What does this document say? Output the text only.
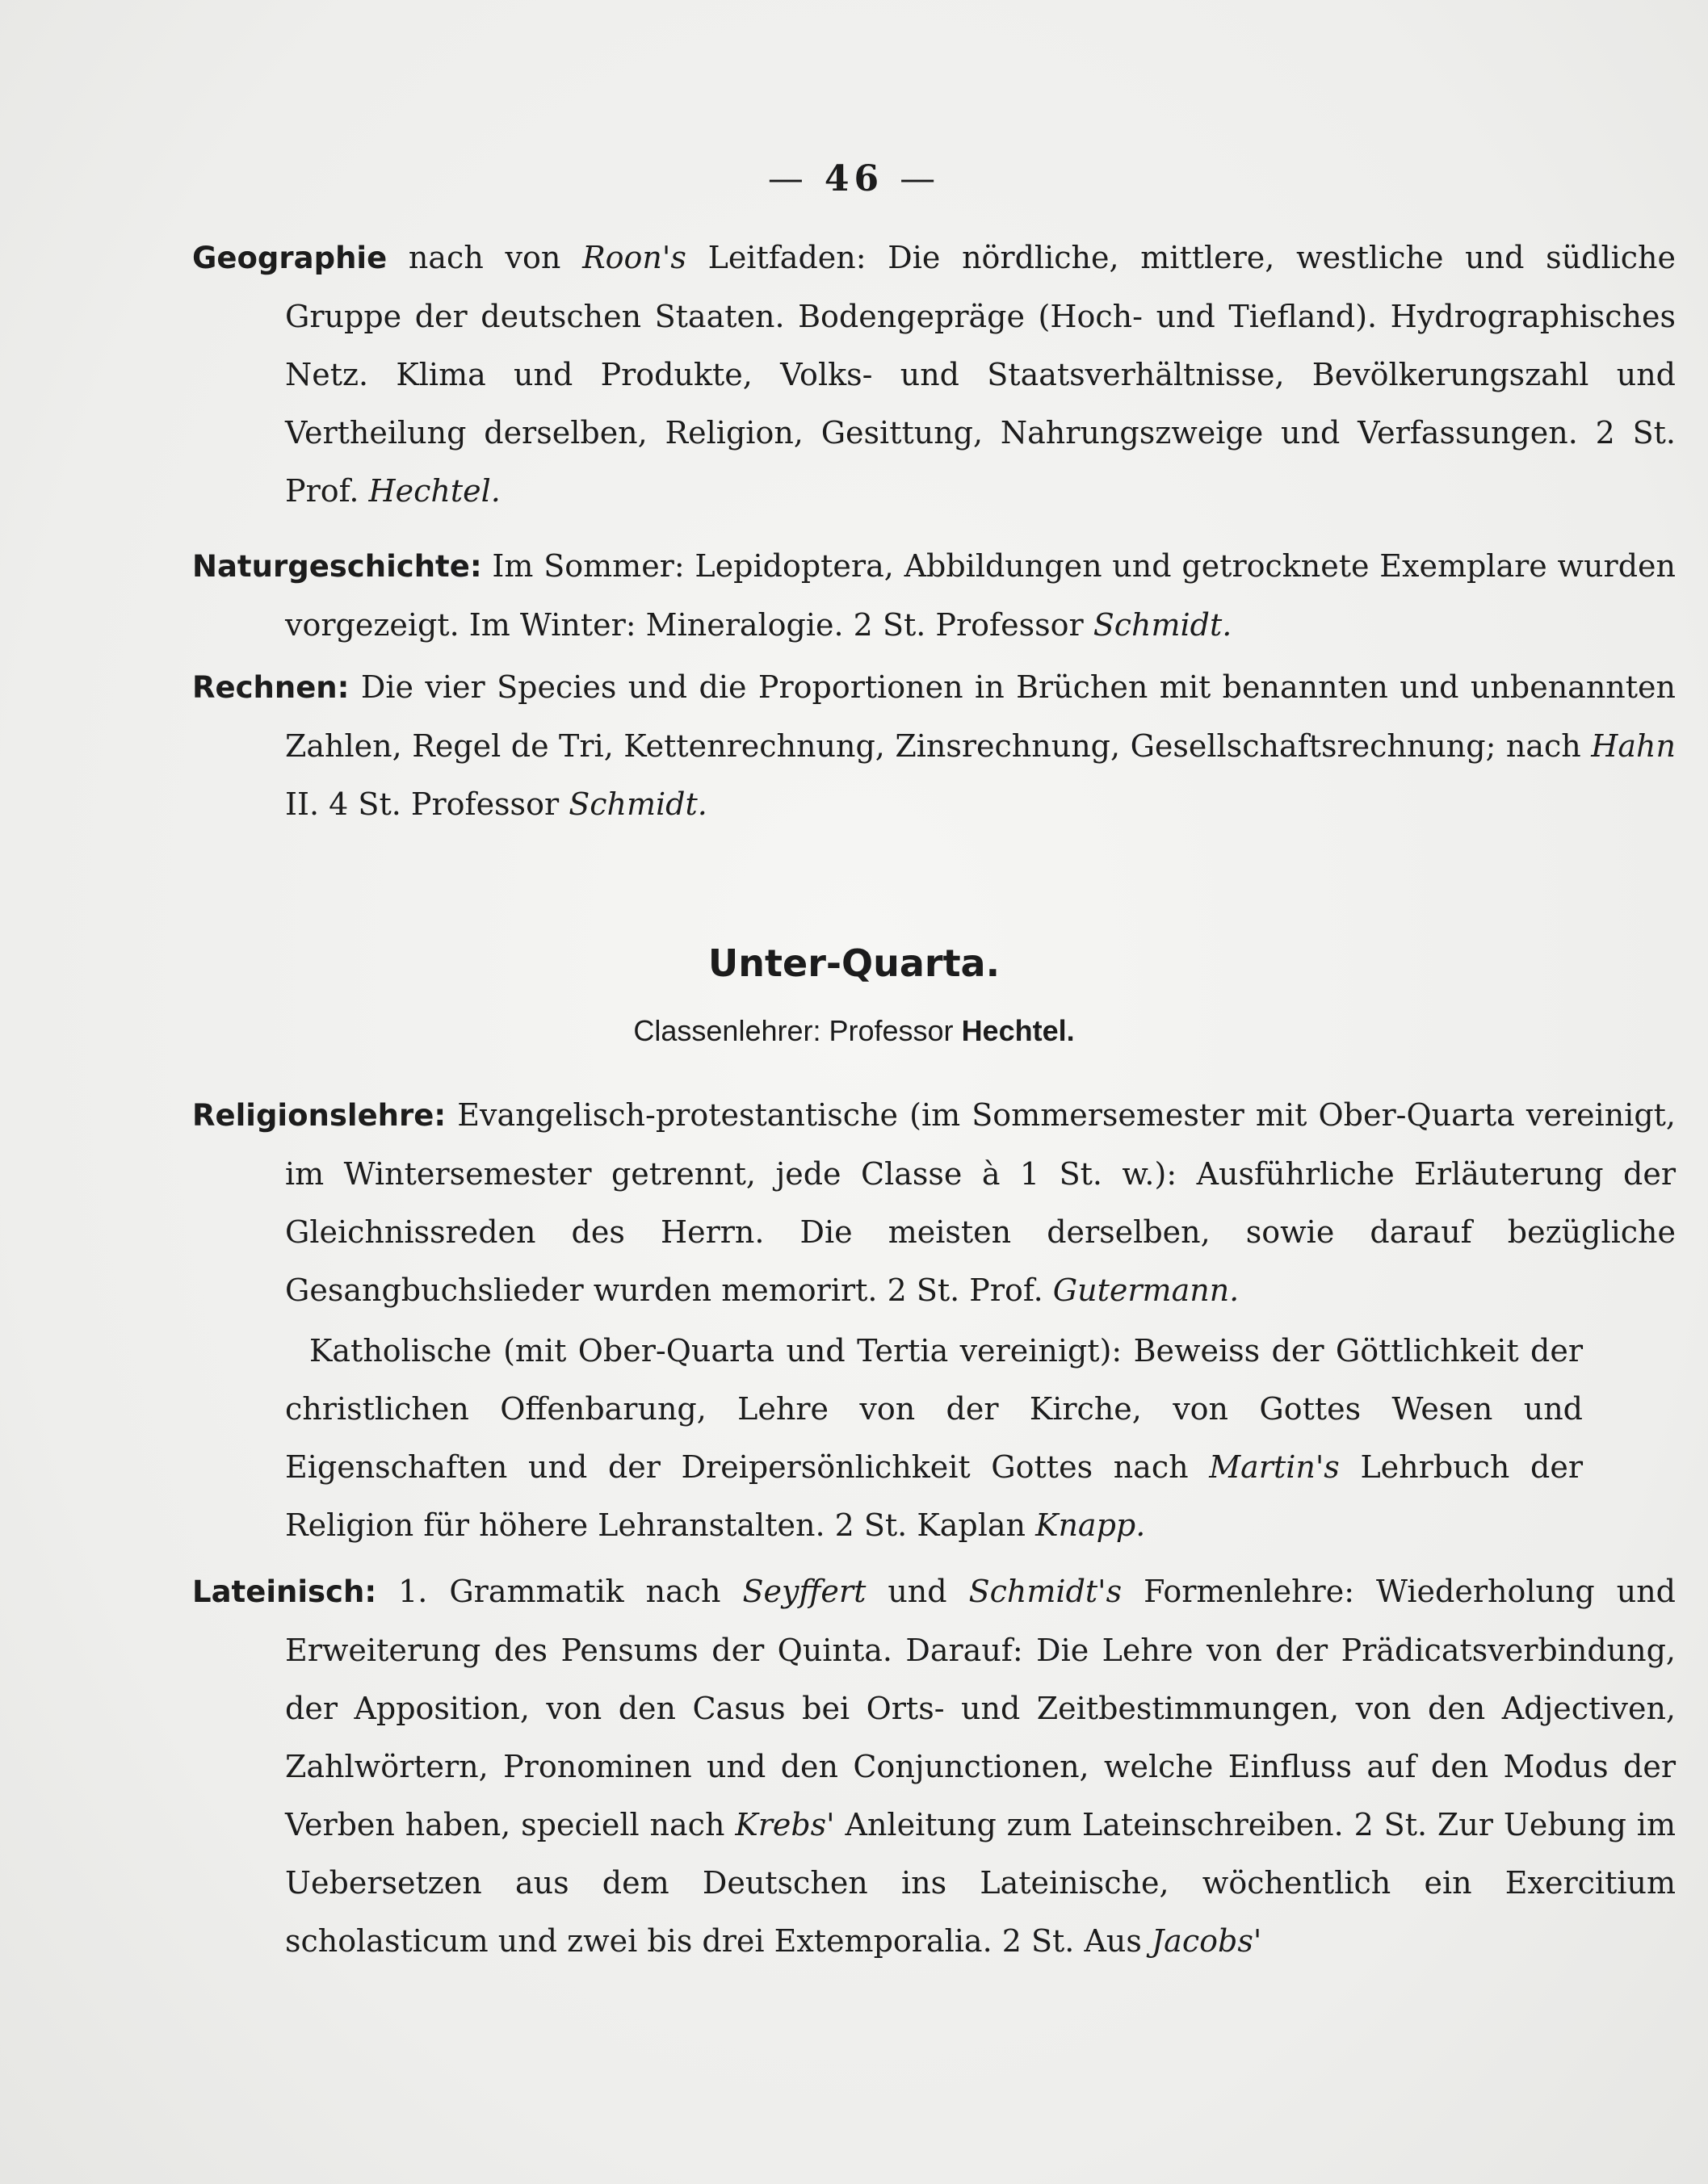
— 46 —

Geographie nach von Roon's Leitfaden: Die nördliche, mittlere, westliche und südliche Gruppe der deutschen Staaten. Bodengepräge (Hoch- und Tiefland). Hydrographisches Netz. Klima und Produkte, Volks- und Staatsverhältnisse, Bevölkerungszahl und Vertheilung derselben, Religion, Gesittung, Nahrungszweige und Verfassungen. 2 St. Prof. Hechtel.

Naturgeschichte: Im Sommer: Lepidoptera, Abbildungen und getrocknete Exemplare wurden vorgezeigt. Im Winter: Mineralogie. 2 St. Professor Schmidt.

Rechnen: Die vier Species und die Proportionen in Brüchen mit benannten und unbenannten Zahlen, Regel de Tri, Kettenrechnung, Zinsrechnung, Gesellschaftsrechnung; nach Hahn II. 4 St. Professor Schmidt.

Unter-Quarta.
Classenlehrer: Professor Hechtel.

Religionslehre: Evangelisch-protestantische (im Sommersemester mit Ober-Quarta vereinigt, im Wintersemester getrennt, jede Classe à 1 St. w.): Ausführliche Erläuterung der Gleichnissreden des Herrn. Die meisten derselben, sowie darauf bezügliche Gesangbuchslieder wurden memorirt. 2 St. Prof. Gutermann.

Katholische (mit Ober-Quarta und Tertia vereinigt): Beweiss der Göttlichkeit der christlichen Offenbarung, Lehre von der Kirche, von Gottes Wesen und Eigenschaften und der Dreipersönlichkeit Gottes nach Martin's Lehrbuch der Religion für höhere Lehranstalten. 2 St. Kaplan Knapp.

Lateinisch: 1. Grammatik nach Seyffert und Schmidt's Formenlehre: Wiederholung und Erweiterung des Pensums der Quinta. Darauf: Die Lehre von der Prädicatsverbindung, der Apposition, von den Casus bei Orts- und Zeitbestimmungen, von den Adjectiven, Zahlwörtern, Pronominen und den Conjunctionen, welche Einfluss auf den Modus der Verben haben, speciell nach Krebs' Anleitung zum Lateinschreiben. 2 St. Zur Uebung im Uebersetzen aus dem Deutschen ins Lateinische, wöchentlich ein Exercitium scholasticum und zwei bis drei Extemporalia. 2 St. Aus Jacobs'
